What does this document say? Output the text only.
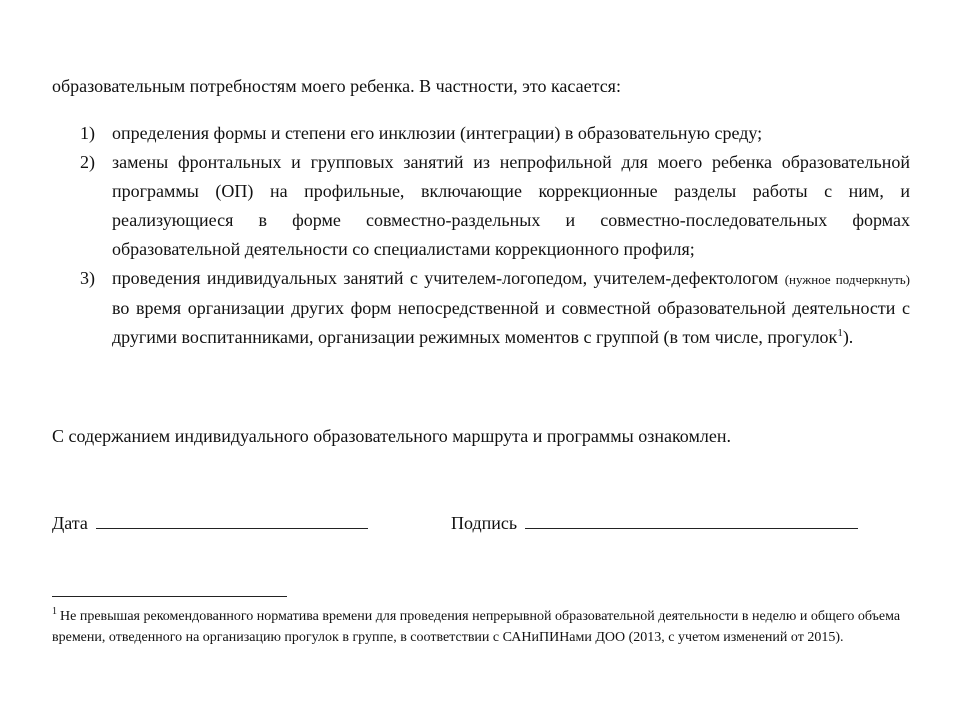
образовательным потребностям моего ребенка. В частности, это касается:
1) определения формы и степени его инклюзии (интеграции) в образовательную среду;
2) замены фронтальных и групповых занятий из непрофильной для моего ребенка образовательной программы (ОП) на профильные, включающие коррекционные разделы работы с ним, и реализующиеся в форме совместно-раздельных и совместно-последовательных формах образовательной деятельности со специалистами коррекционного профиля;
3) проведения индивидуальных занятий с учителем-логопедом, учителем-дефектологом (нужное подчеркнуть) во время организации других форм непосредственной и совместной образовательной деятельности с другими воспитанниками, организации режимных моментов с группой (в том числе, прогулок$^1$).
С содержанием индивидуального образовательного маршрута и программы ознакомлен.
Дата	Подпись
$^1$ Не превышая рекомендованного норматива времени для проведения непрерывной образовательной деятельности в неделю и общего объема времени, отведенного на организацию прогулок в группе, в соответствии с САНиПИНами ДОО (2013, с учетом изменений от 2015).
